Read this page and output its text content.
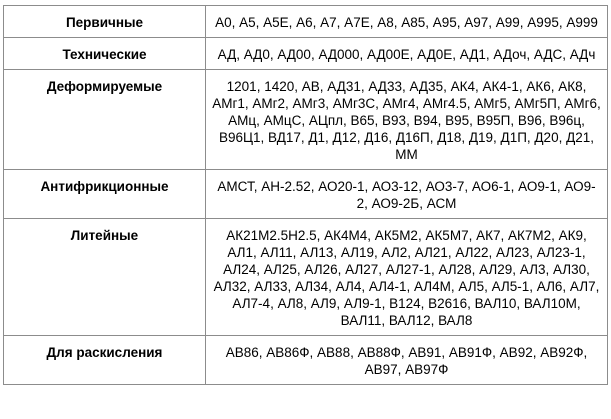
Первичные	А0, А5, А5Е, А6, А7, А7Е, А8, А85, А95, А97, А99, А995, А999
Технические	АД, АД0, АД00, АД000, АД00Е, АД0Е, АД1, АДоч, АДС, АДч
Деформируемые	1201, 1420, АВ, АД31, АД33, АД35, АК4, АК4-1, АК6, АК8, АМг1, АМг2, АМг3, АМг3С, АМг4, АМг4.5, АМг5, АМг5П, АМг6, АМц, АМцС, АЦпл, В65, В93, В94, В95, В95П, В96, В96ц, В96Ц1, ВД17, Д1, Д12, Д16, Д16П, Д18, Д19, Д1П, Д20, Д21, ММ
Антифрикционные	АМСТ, АН-2.52, АО20-1, АО3-12, АО3-7, АО6-1, АО9-1, АО9-2, АО9-2Б, АСМ
Литейные	АК21М2.5Н2.5, АК4М4, АК5М2, АК5М7, АК7, АК7М2, АК9, АЛ1, АЛ11, АЛ13, АЛ19, АЛ2, АЛ21, АЛ22, АЛ23, АЛ23-1, АЛ24, АЛ25, АЛ26, АЛ27, АЛ27-1, АЛ28, АЛ29, АЛ3, АЛ30, АЛ32, АЛ33, АЛ34, АЛ4, АЛ4-1, АЛ4М, АЛ5, АЛ5-1, АЛ6, АЛ7, АЛ7-4, АЛ8, АЛ9, АЛ9-1, В124, В2616, ВАЛ10, ВАЛ10М, ВАЛ11, ВАЛ12, ВАЛ8
Для раскисления	АВ86, АВ86Ф, АВ88, АВ88Ф, АВ91, АВ91Ф, АВ92, АВ92Ф, АВ97, АВ97Ф
